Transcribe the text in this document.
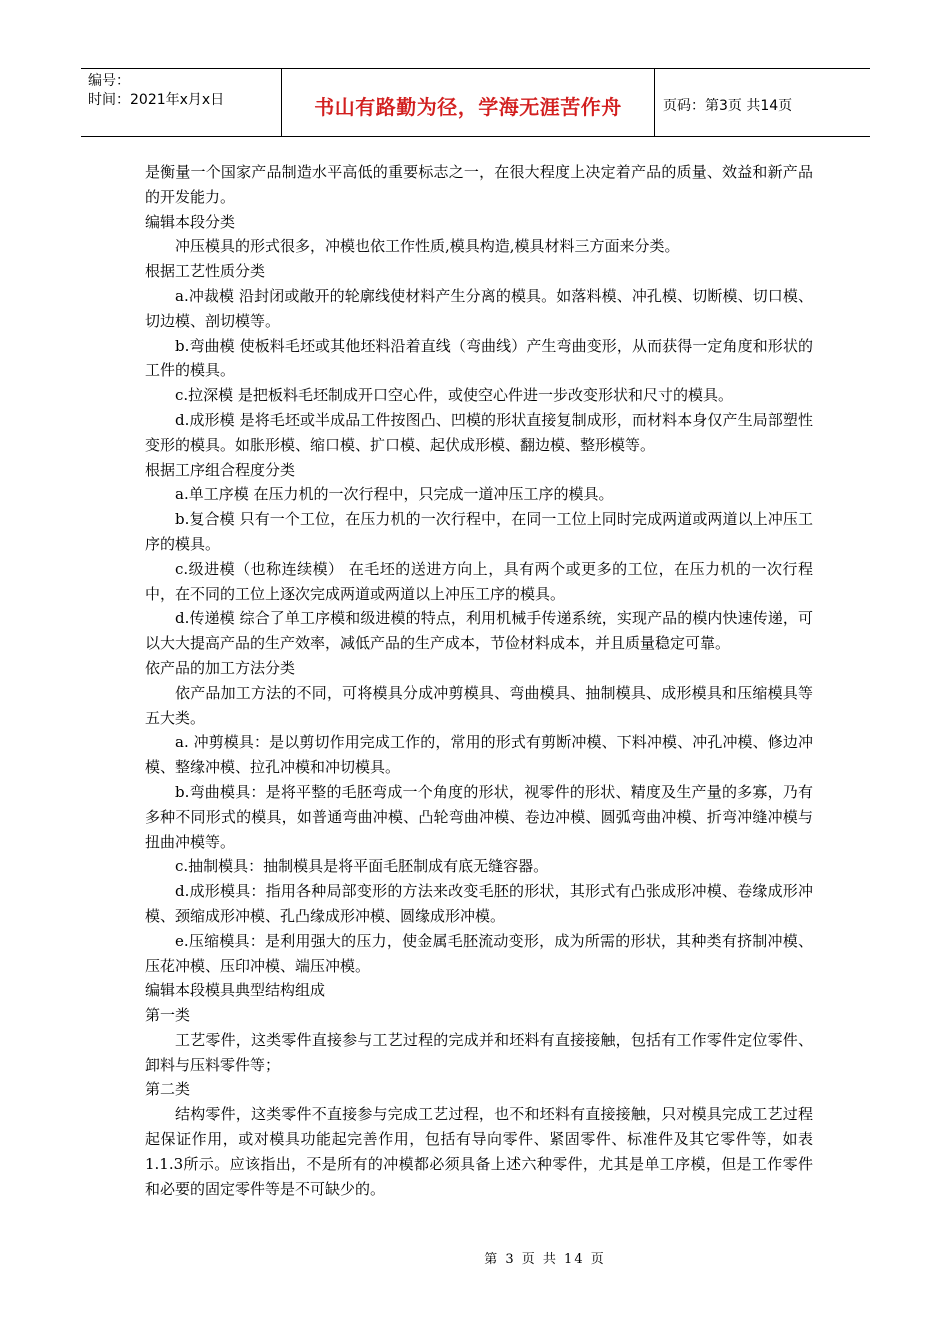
编号：
时间：2021年x月x日	书山有路勤为径，学海无涯苦作舟	页码：第3页 共14页

是衡量一个国家产品制造水平高低的重要标志之一，在很大程度上决定着产品的质量、效益和新产品的开发能力。

编辑本段分类

冲压模具的形式很多，冲模也依工作性质,模具构造,模具材料三方面来分类。

根据工艺性质分类

a.冲裁模 沿封闭或敞开的轮廓线使材料产生分离的模具。如落料模、冲孔模、切断模、切口模、切边模、剖切模等。

b.弯曲模 使板料毛坯或其他坯料沿着直线（弯曲线）产生弯曲变形，从而获得一定角度和形状的工件的模具。

c.拉深模 是把板料毛坯制成开口空心件，或使空心件进一步改变形状和尺寸的模具。

d.成形模 是将毛坯或半成品工件按图凸、凹模的形状直接复制成形，而材料本身仅产生局部塑性变形的模具。如胀形模、缩口模、扩口模、起伏成形模、翻边模、整形模等。

根据工序组合程度分类

a.单工序模 在压力机的一次行程中，只完成一道冲压工序的模具。

b.复合模 只有一个工位，在压力机的一次行程中，在同一工位上同时完成两道或两道以上冲压工序的模具。

c.级进模（也称连续模） 在毛坯的送进方向上，具有两个或更多的工位，在压力机的一次行程中，在不同的工位上逐次完成两道或两道以上冲压工序的模具。

d.传递模 综合了单工序模和级进模的特点，利用机械手传递系统，实现产品的模内快速传递，可以大大提高产品的生产效率，减低产品的生产成本，节俭材料成本，并且质量稳定可靠。

依产品的加工方法分类

依产品加工方法的不同，可将模具分成冲剪模具、弯曲模具、抽制模具、成形模具和压缩模具等五大类。

a. 冲剪模具：是以剪切作用完成工作的，常用的形式有剪断冲模、下料冲模、冲孔冲模、修边冲模、整缘冲模、拉孔冲模和冲切模具。

b.弯曲模具：是将平整的毛胚弯成一个角度的形状，视零件的形状、精度及生产量的多寡，乃有多种不同形式的模具，如普通弯曲冲模、凸轮弯曲冲模、卷边冲模、圆弧弯曲冲模、折弯冲缝冲模与扭曲冲模等。

c.抽制模具：抽制模具是将平面毛胚制成有底无缝容器。

d.成形模具：指用各种局部变形的方法来改变毛胚的形状，其形式有凸张成形冲模、卷缘成形冲模、颈缩成形冲模、孔凸缘成形冲模、圆缘成形冲模。

e.压缩模具：是利用强大的压力，使金属毛胚流动变形，成为所需的形状，其种类有挤制冲模、压花冲模、压印冲模、端压冲模。

编辑本段模具典型结构组成

第一类

工艺零件，这类零件直接参与工艺过程的完成并和坯料有直接接触，包括有工作零件定位零件、卸料与压料零件等；

第二类

结构零件，这类零件不直接参与完成工艺过程，也不和坯料有直接接触，只对模具完成工艺过程起保证作用，或对模具功能起完善作用，包括有导向零件、紧固零件、标准件及其它零件等，如表1.1.3所示。应该指出，不是所有的冲模都必须具备上述六种零件，尤其是单工序模，但是工作零件和必要的固定零件等是不可缺少的。

第 3 页 共 14 页
